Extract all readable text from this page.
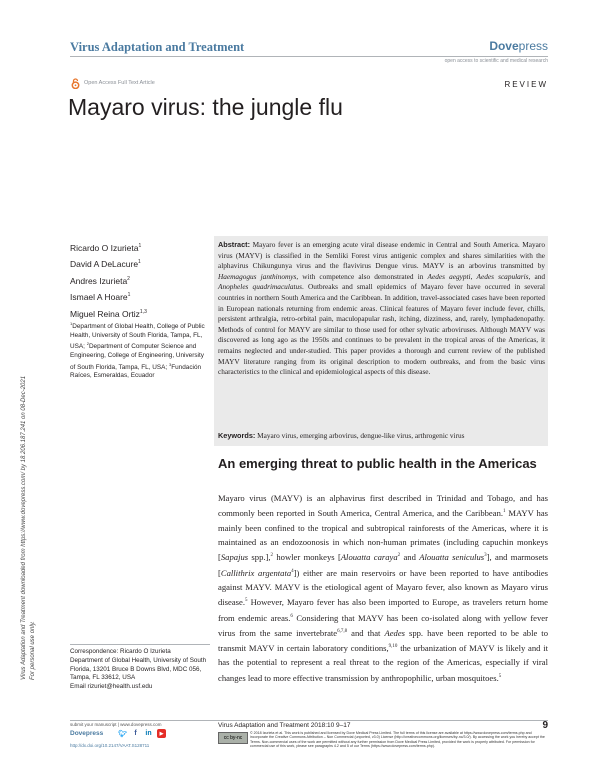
Virus Adaptation and Treatment	Dovepress
open access to scientific and medical research
Open Access Full Text Article	REVIEW
Mayaro virus: the jungle flu
Virus Adaptation and Treatment downloaded from https://www.dovepress.com/ by 18.206.187.241 on 08-Dec-2021 For personal use only.
Ricardo O Izurieta$^1$
David A DeLacure$^1$
Andres Izurieta$^2$
Ismael A Hoare$^1$
Miguel Reina Ortiz$^{1,3}$
$^1$Department of Global Health, College of Public Health, University of South Florida, Tampa, FL, USA; $^2$Department of Computer Science and Engineering, College of Engineering, University of South Florida, Tampa, FL, USA; $^3$Fundación Raíces, Esmeraldas, Ecuador
Abstract: Mayaro fever is an emerging acute viral disease endemic in Central and South America. Mayaro virus (MAYV) is classified in the Semliki Forest virus antigenic complex and shares similarities with the alphavirus Chikungunya virus and the flavivirus Dengue virus. MAYV is an arbovirus transmitted by Haemagogus janthinomys, with competence also demonstrated in Aedes aegypti, Aedes scapularis, and Anopheles quadrimaculatus. Outbreaks and small epidemics of Mayaro fever have occurred in several countries in northern South America and the Caribbean. In addition, travel-associated cases have been reported in European nationals returning from endemic areas. Clinical features of Mayaro fever include fever, chills, persistent arthralgia, retro-orbital pain, maculopapular rash, itching, dizziness, and, rarely, lymphadenopathy. Methods of control for MAYV are similar to those used for other sylvatic arboviruses. Although MAYV was discovered as long ago as the 1950s and continues to be prevalent in the tropical areas of the Americas, it remains neglected and under-studied. This paper provides a thorough and current review of the published MAYV literature ranging from its original description to modern outbreaks, and from the basic virus characteristics to the clinical and epidemiological aspects of this disease.
Keywords: Mayaro virus, emerging arbovirus, dengue-like virus, arthrogenic virus
An emerging threat to public health in the Americas
Mayaro virus (MAYV) is an alphavirus first described in Trinidad and Tobago, and has commonly been reported in South America, Central America, and the Caribbean.$^1$ MAYV has mainly been confined to the tropical and subtropical rainforests of the Americas, where it is maintained as an endozoonosis in which non-human primates (including capuchin monkeys [Sapajus spp.],$^2$ howler monkeys [Alouatta caraya$^2$ and Alouatta seniculus$^3$], and marmosets [Callithrix argentata$^4$]) either are main reservoirs or have been reported to have antibodies against MAYV. MAYV is the etiological agent of Mayaro fever, also known as Mayaro virus disease.$^5$ However, Mayaro fever has also been imported to Europe, as travelers return home from endemic areas.$^6$ Considering that MAYV has been co-isolated along with yellow fever virus from the same invertebrate$^{6,7,8}$ and that Aedes spp. have been reported to be able to transmit MAYV in certain laboratory conditions,$^{9,10}$ the urbanization of MAYV is likely and it has the potential to represent a real threat to the region of the Americas, especially if viral changes lead to more effective transmission by anthropophilic, urban mosquitoes.$^5$
Correspondence: Ricardo O Izurieta
Department of Global Health, University of South Florida, 13201 Bruce B Downs Blvd, MDC 056, Tampa, FL 33612, USA
Email rizuriet@health.usf.edu
submit your manuscript | www.dovepress.com
Dovepress 🐦︎	f	in	▶
http://dx.doi.org/10.2147/VAAT.S128711
Virus Adaptation and Treatment 2018:10 9–17	9
cc by-nc
© 2018 Izurieta et al. This work is published and licensed by Dove Medical Press Limited. The full terms of this license are available at https://www.dovepress.com/terms.php and incorporate the Creative Commons Attribution – Non Commercial (unported, v3.0) License (http://creativecommons.org/licenses/by-nc/3.0/). By accessing the work you hereby accept the Terms. Non-commercial uses of the work are permitted without any further permission from Dove Medical Press Limited, provided the work is properly attributed. For permission for commercial use of this work, please see paragraphs 4.2 and 5 of our Terms (https://www.dovepress.com/terms.php).
